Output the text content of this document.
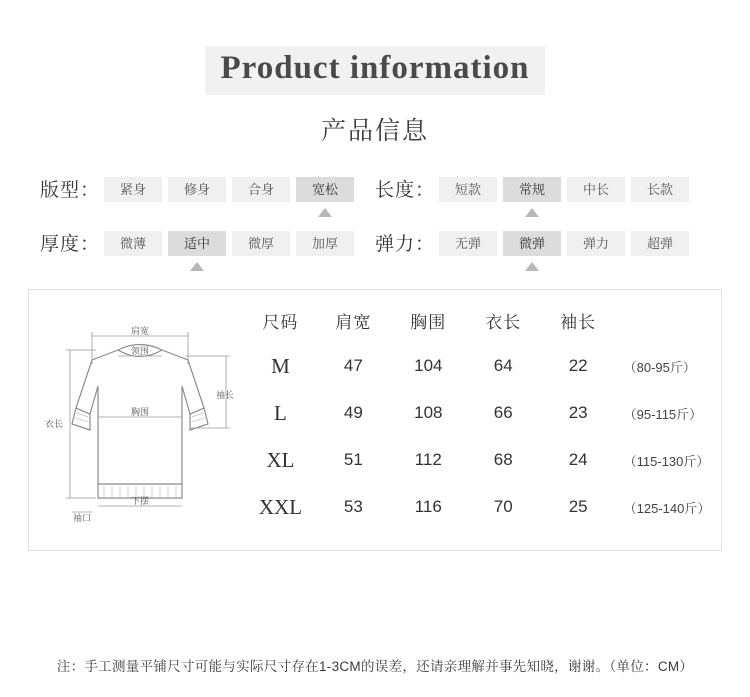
Product information
产品信息
版型：	紧身	修身	合身	宽松	长度：	短款	常规	中长	长款
厚度：	微薄	适中	微厚	加厚	弹力：	无弹	微弹	弹力	超弹
肩宽
领围
胸围
衣长
袖长
下摆
袖口
尺码	肩宽	胸围	衣长	袖长	
M	47	104	64	22	（80-95斤）
L	49	108	66	23	（95-115斤）
XL	51	112	68	24	（115-130斤）
XXL	53	116	70	25	（125-140斤）
注：手工测量平铺尺寸可能与实际尺寸存在1-3CM的误差，还请亲理解并事先知晓，谢谢。（单位：CM）
